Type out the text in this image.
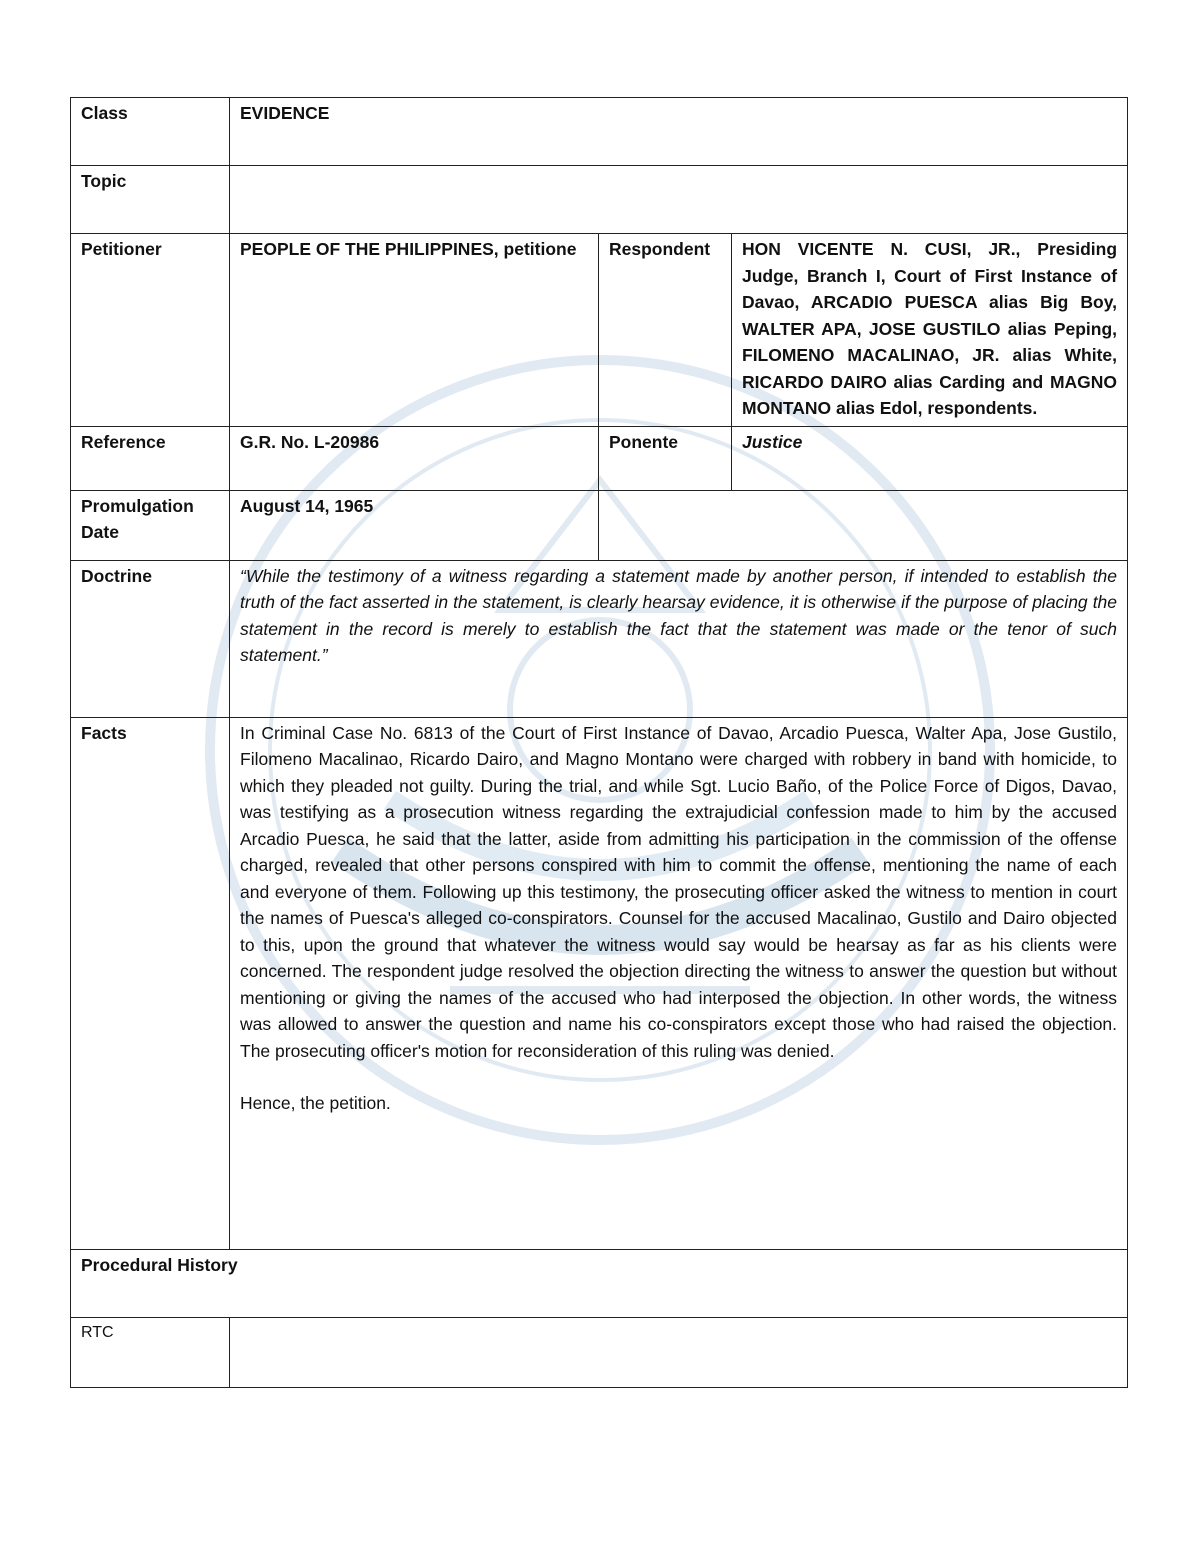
Class	EVIDENCE		
Topic			
Petitioner	PEOPLE OF THE PHILIPPINES, petitione	Respondent	HON VICENTE N. CUSI, JR., Presiding Judge, Branch I, Court of First Instance of Davao, ARCADIO PUESCA alias Big Boy, WALTER APA, JOSE GUSTILO alias Peping, FILOMENO MACALINAO, JR. alias White, RICARDO DAIRO alias Carding and MAGNO MONTANO alias Edol, respondents.
Reference	G.R. No. L-20986	Ponente	Justice
Promulgation Date	August 14, 1965		
Doctrine	“While the testimony of a witness regarding a statement made by another person, if intended to establish the truth of the fact asserted in the statement, is clearly hearsay evidence, it is otherwise if the purpose of placing the statement in the record is merely to establish the fact that the statement was made or the tenor of such statement.”		
Facts	In Criminal Case No. 6813 of the Court of First Instance of Davao, Arcadio Puesca, Walter Apa, Jose Gustilo, Filomeno Macalinao, Ricardo Dairo, and Magno Montano were charged with robbery in band with homicide, to which they pleaded not guilty. During the trial, and while Sgt. Lucio Baño, of the Police Force of Digos, Davao, was testifying as a prosecution witness regarding the extrajudicial confession made to him by the accused Arcadio Puesca, he said that the latter, aside from admitting his participation in the commission of the offense charged, revealed that other persons conspired with him to commit the offense, mentioning the name of each and everyone of them. Following up this testimony, the prosecuting officer asked the witness to mention in court the names of Puesca's alleged co-conspirators. Counsel for the accused Macalinao, Gustilo and Dairo objected to this, upon the ground that whatever the witness would say would be hearsay as far as his clients were concerned. The respondent judge resolved the objection directing the witness to answer the question but without mentioning or giving the names of the accused who had interposed the objection. In other words, the witness was allowed to answer the question and name his co-conspirators except those who had raised the objection. The prosecuting officer's motion for reconsideration of this ruling was denied.

Hence, the petition.		

Procedural History			
RTC			
